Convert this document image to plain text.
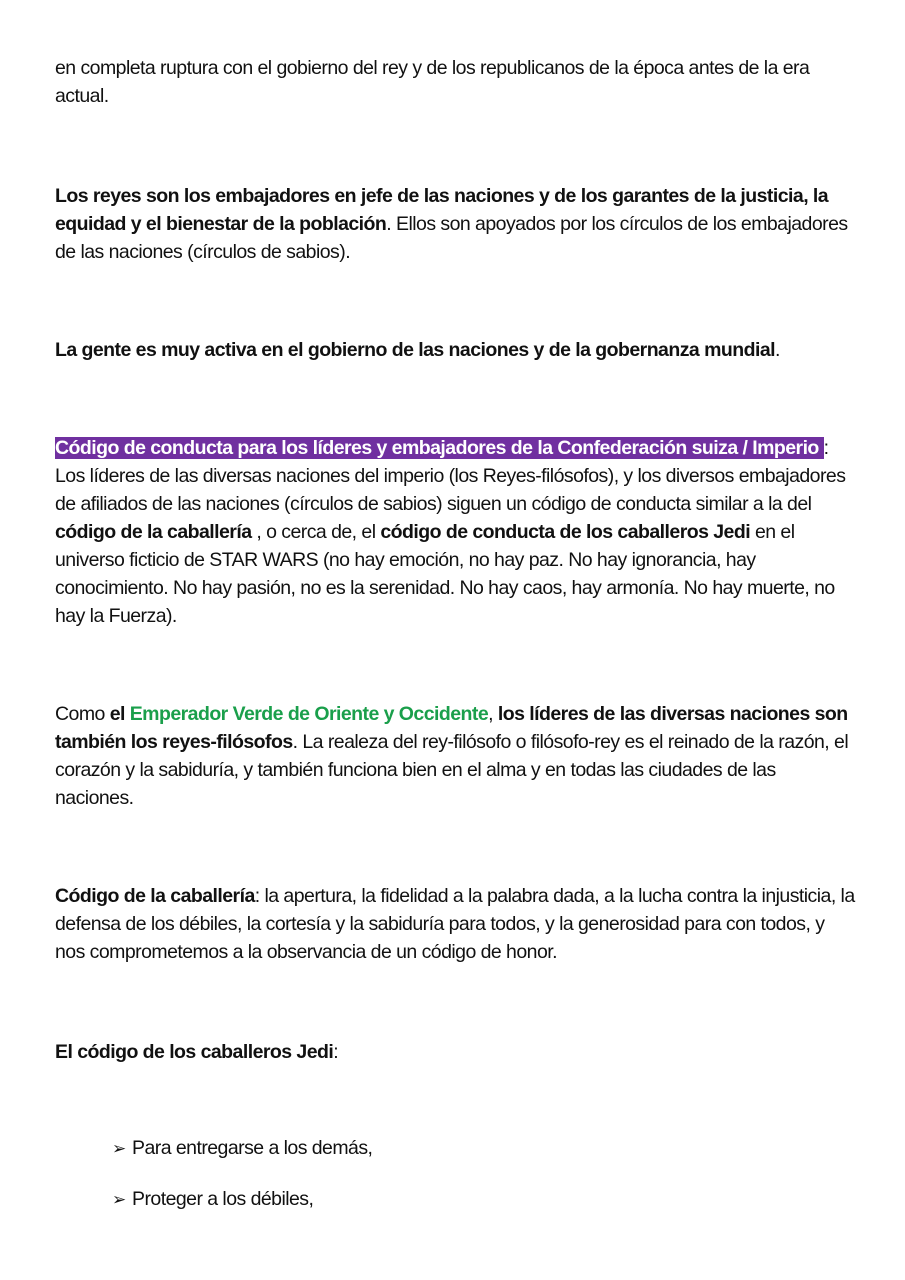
en completa ruptura con el gobierno del rey y de los republicanos de la época antes de la era actual.

Los reyes son los embajadores en jefe de las naciones y de los garantes de la justicia, la equidad y el bienestar de la población. Ellos son apoyados por los círculos de los embajadores de las naciones (círculos de sabios).

La gente es muy activa en el gobierno de las naciones y de la gobernanza mundial.

Código de conducta para los líderes y embajadores de la Confederación suiza / Imperio : Los líderes de las diversas naciones del imperio (los Reyes-filósofos), y los diversos embajadores de afiliados de las naciones (círculos de sabios) siguen un código de conducta similar a la del código de la caballería , o cerca de, el código de conducta de los caballeros Jedi en el universo ficticio de STAR WARS (no hay emoción, no hay paz. No hay ignorancia, hay conocimiento. No hay pasión, no es la serenidad. No hay caos, hay armonía. No hay muerte, no hay la Fuerza).

Como el Emperador Verde de Oriente y Occidente, los líderes de las diversas naciones son también los reyes-filósofos. La realeza del rey-filósofo o filósofo-rey es el reinado de la razón, el corazón y la sabiduría, y también funciona bien en el alma y en todas las ciudades de las naciones.

Código de la caballería: la apertura, la fidelidad a la palabra dada, a la lucha contra la injusticia, la defensa de los débiles, la cortesía y la sabiduría para todos, y la generosidad para con todos, y nos comprometemos a la observancia de un código de honor.

El código de los caballeros Jedi:

➢ Para entregarse a los demás,
➢ Proteger a los débiles,
